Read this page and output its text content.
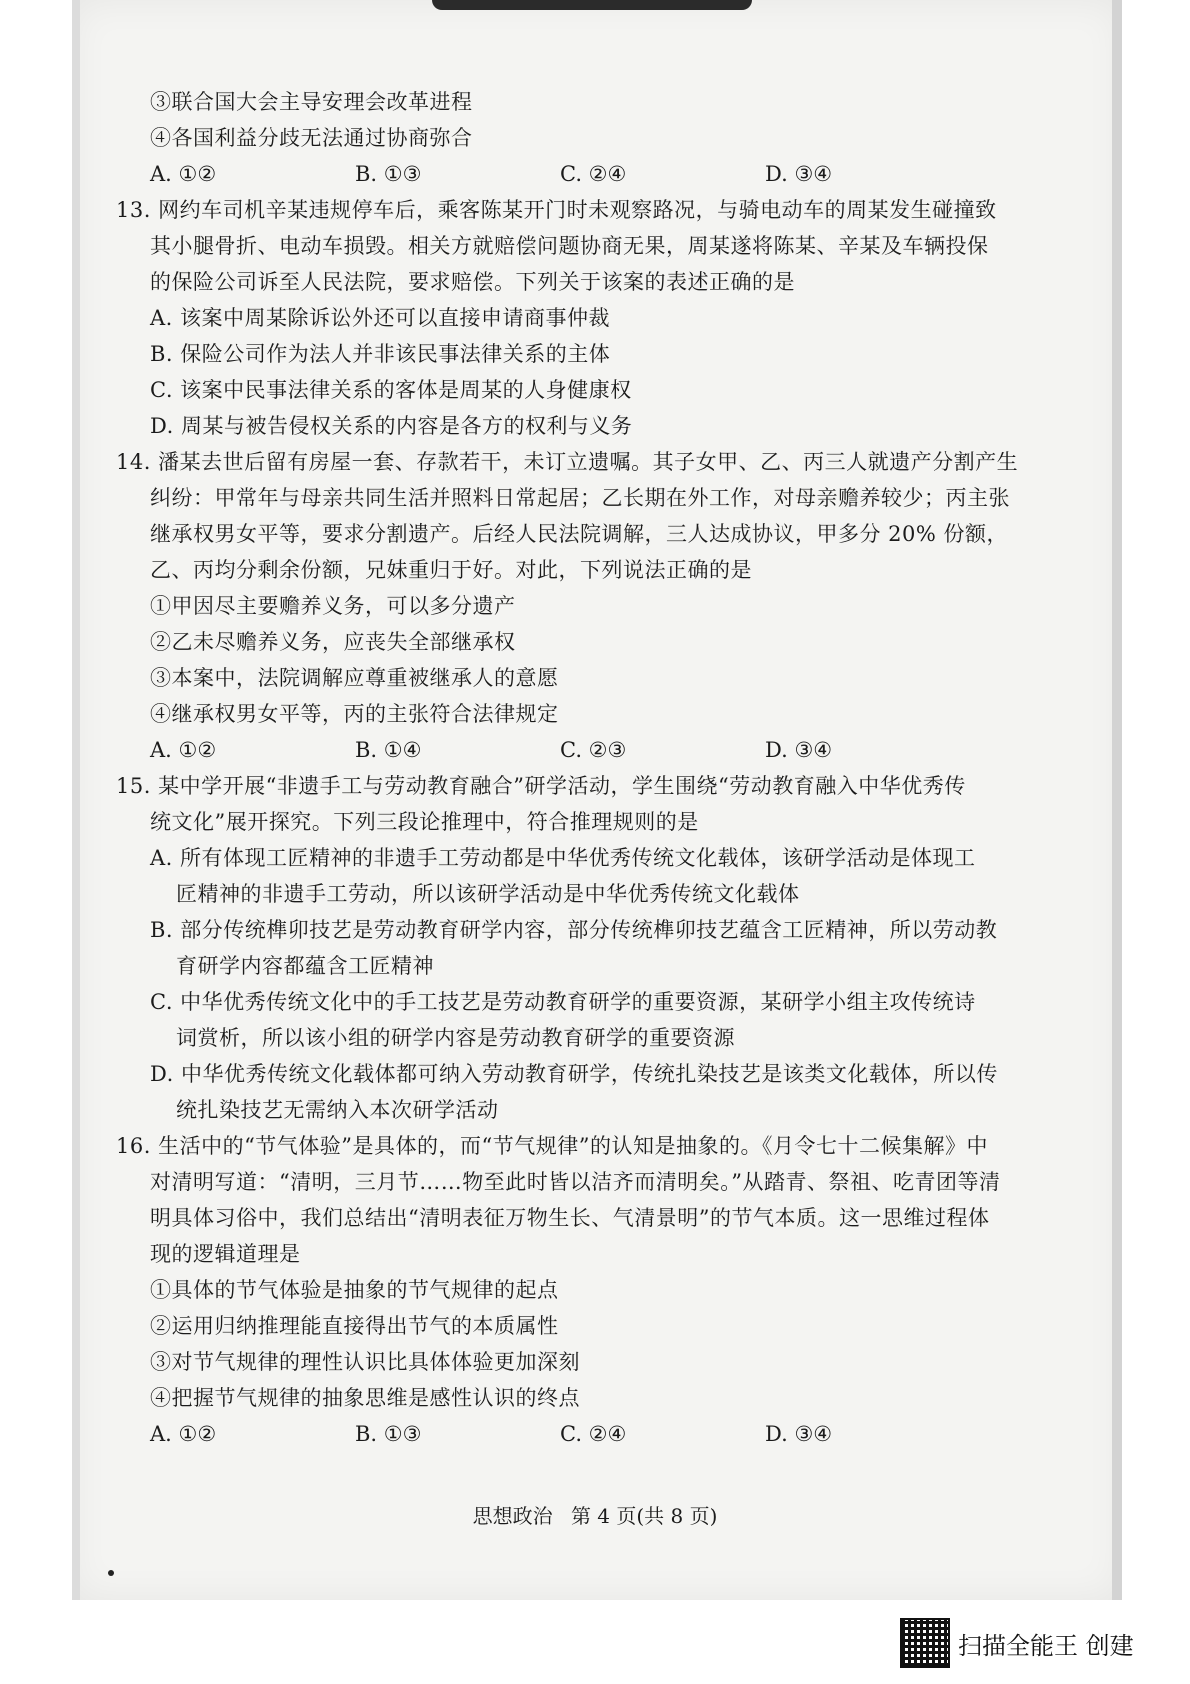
③联合国大会主导安理会改革进程
④各国利益分歧无法通过协商弥合
A. ①②	B. ①③	C. ②④	D. ③④
13. 网约车司机辛某违规停车后，乘客陈某开门时未观察路况，与骑电动车的周某发生碰撞致
其小腿骨折、电动车损毁。相关方就赔偿问题协商无果，周某遂将陈某、辛某及车辆投保
的保险公司诉至人民法院，要求赔偿。下列关于该案的表述正确的是
A. 该案中周某除诉讼外还可以直接申请商事仲裁
B. 保险公司作为法人并非该民事法律关系的主体
C. 该案中民事法律关系的客体是周某的人身健康权
D. 周某与被告侵权关系的内容是各方的权利与义务
14. 潘某去世后留有房屋一套、存款若干，未订立遗嘱。其子女甲、乙、丙三人就遗产分割产生
纠纷：甲常年与母亲共同生活并照料日常起居；乙长期在外工作，对母亲赡养较少；丙主张
继承权男女平等，要求分割遗产。后经人民法院调解，三人达成协议，甲多分 20% 份额，
乙、丙均分剩余份额，兄妹重归于好。对此，下列说法正确的是
①甲因尽主要赡养义务，可以多分遗产
②乙未尽赡养义务，应丧失全部继承权
③本案中，法院调解应尊重被继承人的意愿
④继承权男女平等，丙的主张符合法律规定
A. ①②	B. ①④	C. ②③	D. ③④
15. 某中学开展“非遗手工与劳动教育融合”研学活动，学生围绕“劳动教育融入中华优秀传
统文化”展开探究。下列三段论推理中，符合推理规则的是
A. 所有体现工匠精神的非遗手工劳动都是中华优秀传统文化载体，该研学活动是体现工
匠精神的非遗手工劳动，所以该研学活动是中华优秀传统文化载体
B. 部分传统榫卯技艺是劳动教育研学内容，部分传统榫卯技艺蕴含工匠精神，所以劳动教
育研学内容都蕴含工匠精神
C. 中华优秀传统文化中的手工技艺是劳动教育研学的重要资源，某研学小组主攻传统诗
词赏析，所以该小组的研学内容是劳动教育研学的重要资源
D. 中华优秀传统文化载体都可纳入劳动教育研学，传统扎染技艺是该类文化载体，所以传
统扎染技艺无需纳入本次研学活动
16. 生活中的“节气体验”是具体的，而“节气规律”的认知是抽象的。《月令七十二候集解》中
对清明写道：“清明，三月节……物至此时皆以洁齐而清明矣。”从踏青、祭祖、吃青团等清
明具体习俗中，我们总结出“清明表征万物生长、气清景明”的节气本质。这一思维过程体
现的逻辑道理是
①具体的节气体验是抽象的节气规律的起点
②运用归纳推理能直接得出节气的本质属性
③对节气规律的理性认识比具体体验更加深刻
④把握节气规律的抽象思维是感性认识的终点
A. ①②	B. ①③	C. ②④	D. ③④
思想政治 第 4 页(共 8 页)
扫描全能王 创建
